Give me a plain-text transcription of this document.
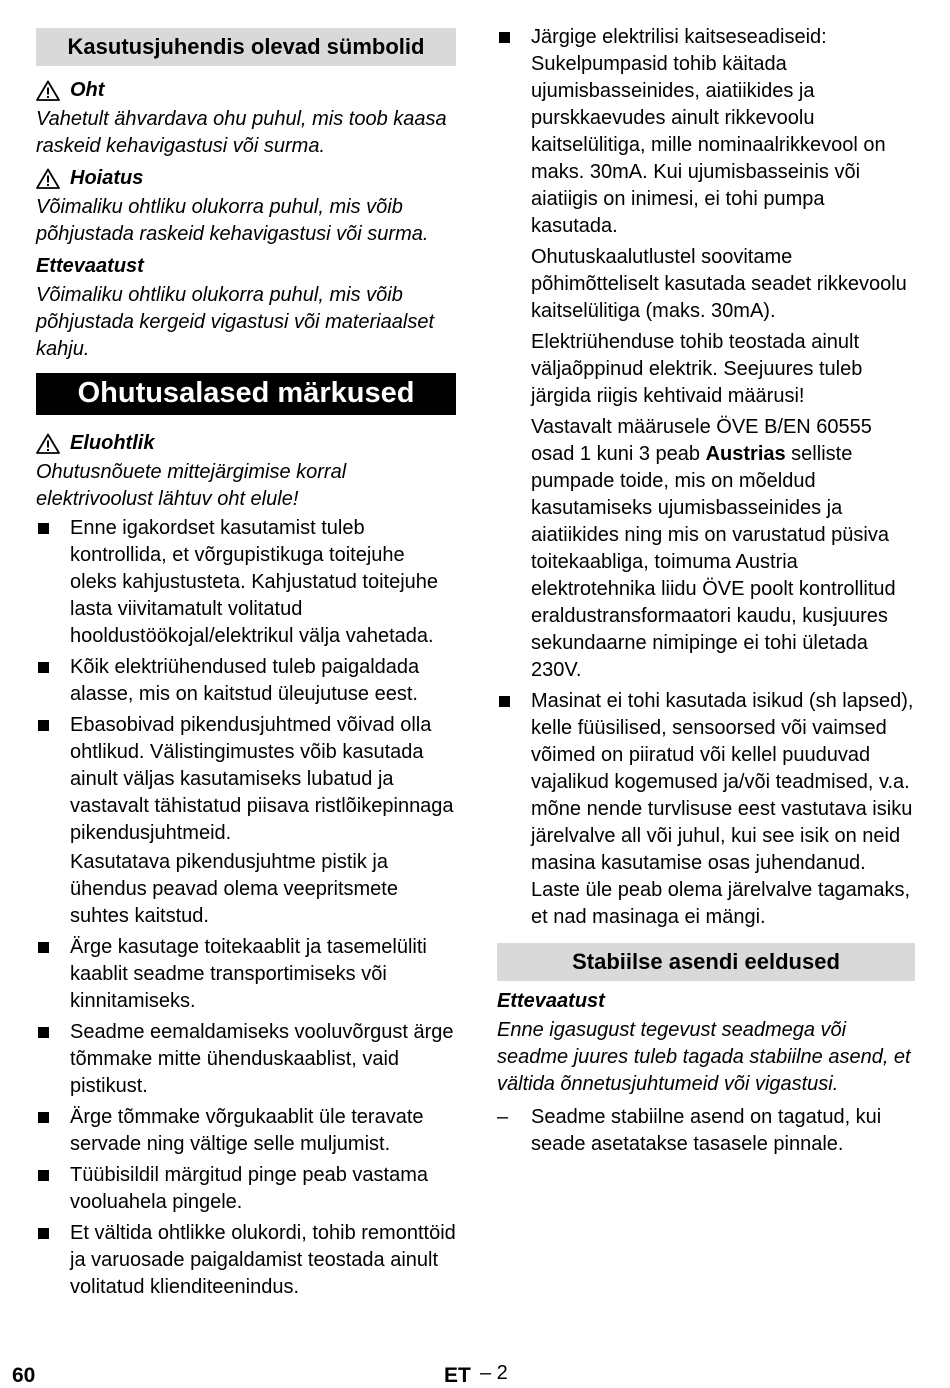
Kasutusjuhendis olevad sümbolid
Oht

Vahetult ähvardava ohu puhul, mis toob kaasa raskeid kehavigastusi või surma.

Hoiatus

Võimaliku ohtliku olukorra puhul, mis võib põhjustada raskeid kehavigastusi või surma.

Ettevaatust

Võimaliku ohtliku olukorra puhul, mis võib põhjustada kergeid vigastusi või materiaalset kahju.

Ohutusalased märkused
Eluohtlik

Ohutusnõuete mittejärgimise korral elektrivoolust lähtuv oht elule!

Enne igakordset kasutamist tuleb kontrollida, et võrgupistikuga toitejuhe oleks kahjustusteta. Kahjustatud toitejuhe lasta viivitamatult volitatud hooldustöökojal/elektrikul välja vahetada.
Kõik elektriühendused tuleb paigaldada alasse, mis on kaitstud üleujutuse eest.
Ebasobivad pikendusjuhtmed võivad olla ohtlikud. Välistingimustes võib kasutada ainult väljas kasutamiseks lubatud ja vastavalt tähistatud piisava ristlõikepinnaga pikendusjuhtmeid.
Kasutatava pikendusjuhtme pistik ja ühendus peavad olema veepritsmete suhtes kaitstud.
Ärge kasutage toitekaablit ja tasemelüliti kaablit seadme transportimiseks või kinnitamiseks.
Seadme eemaldamiseks vooluvõrgust ärge tõmmake mitte ühenduskaablist, vaid pistikust.
Ärge tõmmake võrgukaablit üle teravate servade ning vältige selle muljumist.
Tüübisildil märgitud pinge peab vastama vooluahela pingele.
Et vältida ohtlikke olukordi, tohib remonttöid ja varuosade paigaldamist teostada ainult volitatud klienditeenindus.
Järgige elektrilisi kaitseseadiseid:
Sukelpumpasid tohib käitada ujumisbasseinides, aiatiikides ja purskkaevudes ainult rikkevoolu kaitselülitiga, mille nominaalrikkevool on maks. 30mA. Kui ujumisbasseinis või aiatiigis on inimesi, ei tohi pumpa kasutada.
Ohutuskaalutlustel soovitame põhimõtteliselt kasutada seadet rikkevoolu kaitselülitiga (maks. 30mA).
Elektriühenduse tohib teostada ainult väljaõppinud elektrik. Seejuures tuleb järgida riigis kehtivaid määrusi!
Vastavalt määrusele ÖVE B/EN 60555 osad 1 kuni 3 peab Austrias selliste pumpade toide, mis on mõeldud kasutamiseks ujumisbasseinides ja aiatiikides ning mis on varustatud püsiva toitekaabliga, toimuma Austria elektrotehnika liidu ÖVE poolt kontrollitud eraldustransformaatori kaudu, kusjuures sekundaarne nimipinge ei tohi ületada 230V.
Masinat ei tohi kasutada isikud (sh lapsed), kelle füüsilised, sensoorsed või vaimsed võimed on piiratud või kellel puuduvad vajalikud kogemused ja/või teadmised, v.a. mõne nende turvlisuse eest vastutava isiku järelvalve all või juhul, kui see isik on neid masina kasutamise osas juhendanud. Laste üle peab olema järelvalve tagamaks, et nad masinaga ei mängi.
Stabiilse asendi eeldused
Ettevaatust

Enne igasugust tegevust seadmega või seadme juures tuleb tagada stabiilne asend, et vältida õnnetusjuhtumeid või vigastusi.

– Seadme stabiilne asend on tagatud, kui seade asetatakse tasasele pinnale.
60	ET – 2
